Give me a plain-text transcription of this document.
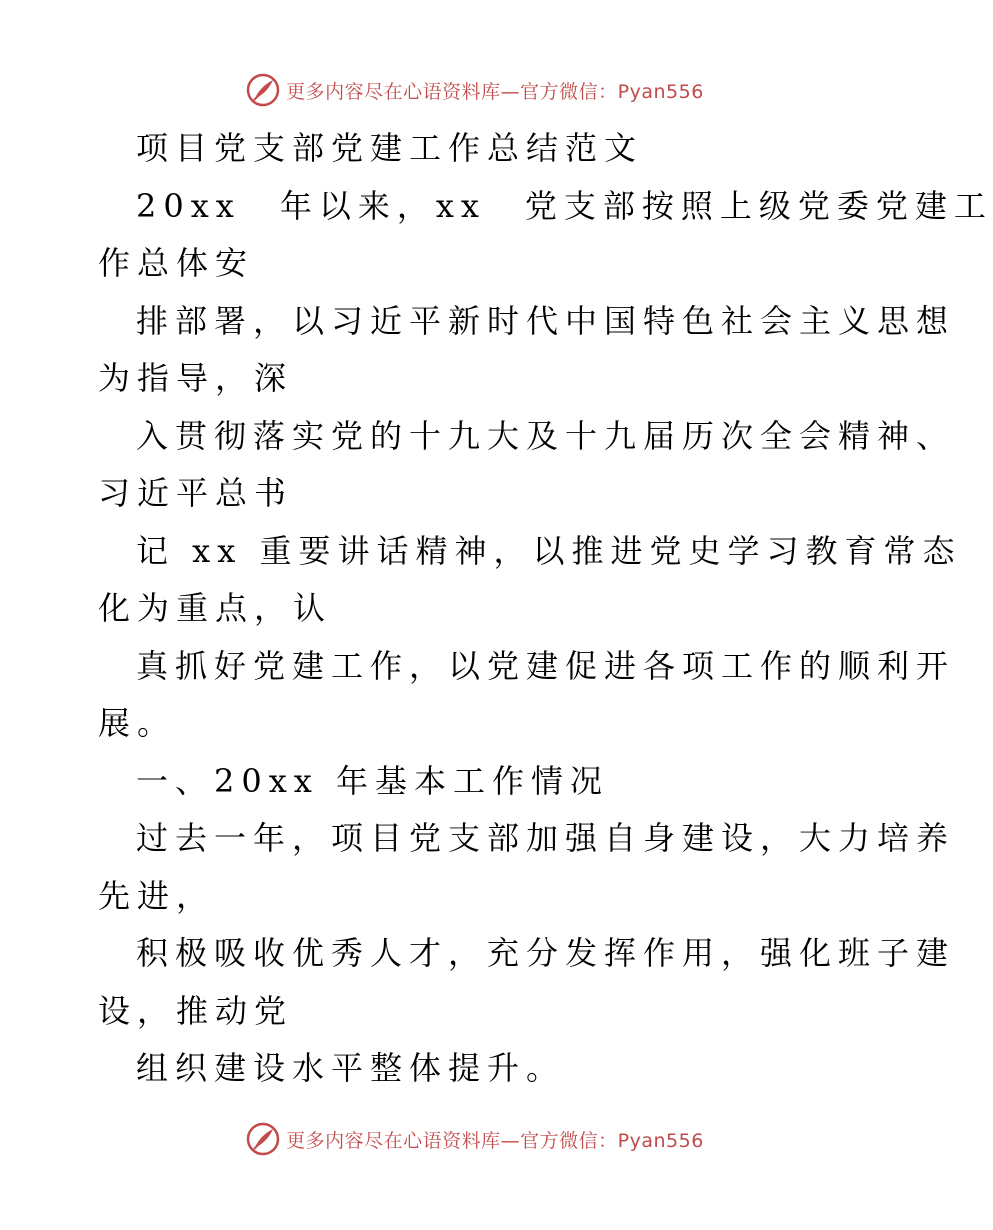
更多内容尽在心语资料库—官方微信：Pyan556
项目党支部党建工作总结范文
20xx　年以来，xx　党支部按照上级党委党建工
作总体安
排部署，以习近平新时代中国特色社会主义思想
为指导，深
入贯彻落实党的十九大及十九届历次全会精神、
习近平总书
记 xx 重要讲话精神，以推进党史学习教育常态
化为重点，认
真抓好党建工作，以党建促进各项工作的顺利开
展。
一、20xx 年基本工作情况
过去一年，项目党支部加强自身建设，大力培养
先进，
积极吸收优秀人才，充分发挥作用，强化班子建
设，推动党
组织建设水平整体提升。
更多内容尽在心语资料库—官方微信：Pyan556
